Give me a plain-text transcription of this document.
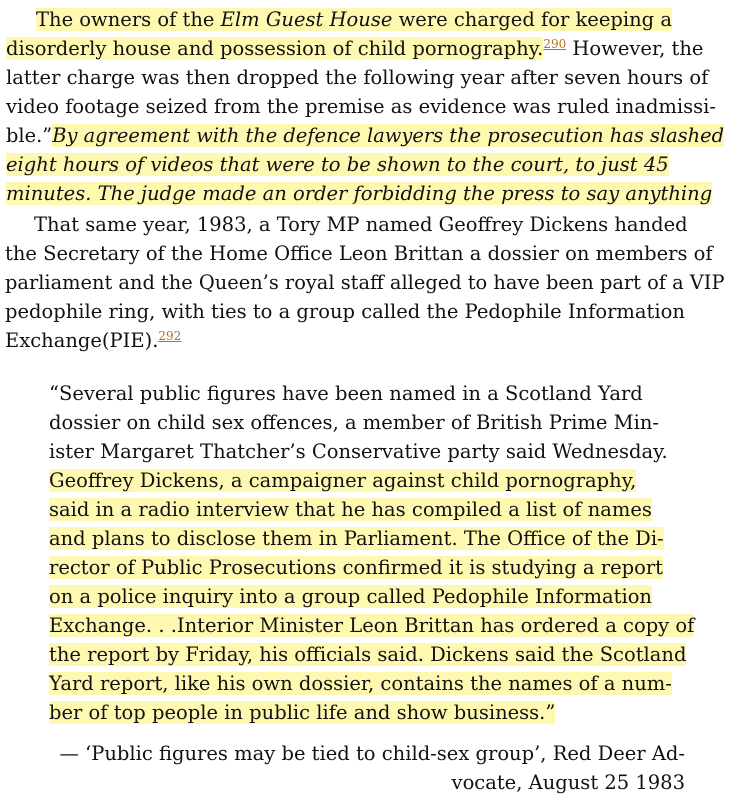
The owners of the Elm Guest House were charged for keeping a
disorderly house and possession of child pornography.$^{290}$ However, the
latter charge was then dropped the following year after seven hours of
video footage seized from the premise as evidence was ruled inadmissi-
ble.”By agreement with the defence lawyers the prosecution has slashed
eight hours of videos that were to be shown to the court, to just 45
minutes. The judge made an order forbidding the press to say anything
That same year, 1983, a Tory MP named Geoffrey Dickens handed
the Secretary of the Home Office Leon Brittan a dossier on members of
parliament and the Queen’s royal staff alleged to have been part of a VIP
pedophile ring, with ties to a group called the Pedophile Information
Exchange(PIE).$^{292}$
“Several public figures have been named in a Scotland Yard
dossier on child sex offences, a member of British Prime Min-
ister Margaret Thatcher’s Conservative party said Wednesday.
Geoffrey Dickens, a campaigner against child pornography,
said in a radio interview that he has compiled a list of names
and plans to disclose them in Parliament. The Office of the Di-
rector of Public Prosecutions confirmed it is studying a report
on a police inquiry into a group called Pedophile Information
Exchange. . .Interior Minister Leon Brittan has ordered a copy of
the report by Friday, his officials said. Dickens said the Scotland
Yard report, like his own dossier, contains the names of a num-
ber of top people in public life and show business.”
— ‘Public figures may be tied to child-sex group’, Red Deer Ad-
vocate, August 25 1983
